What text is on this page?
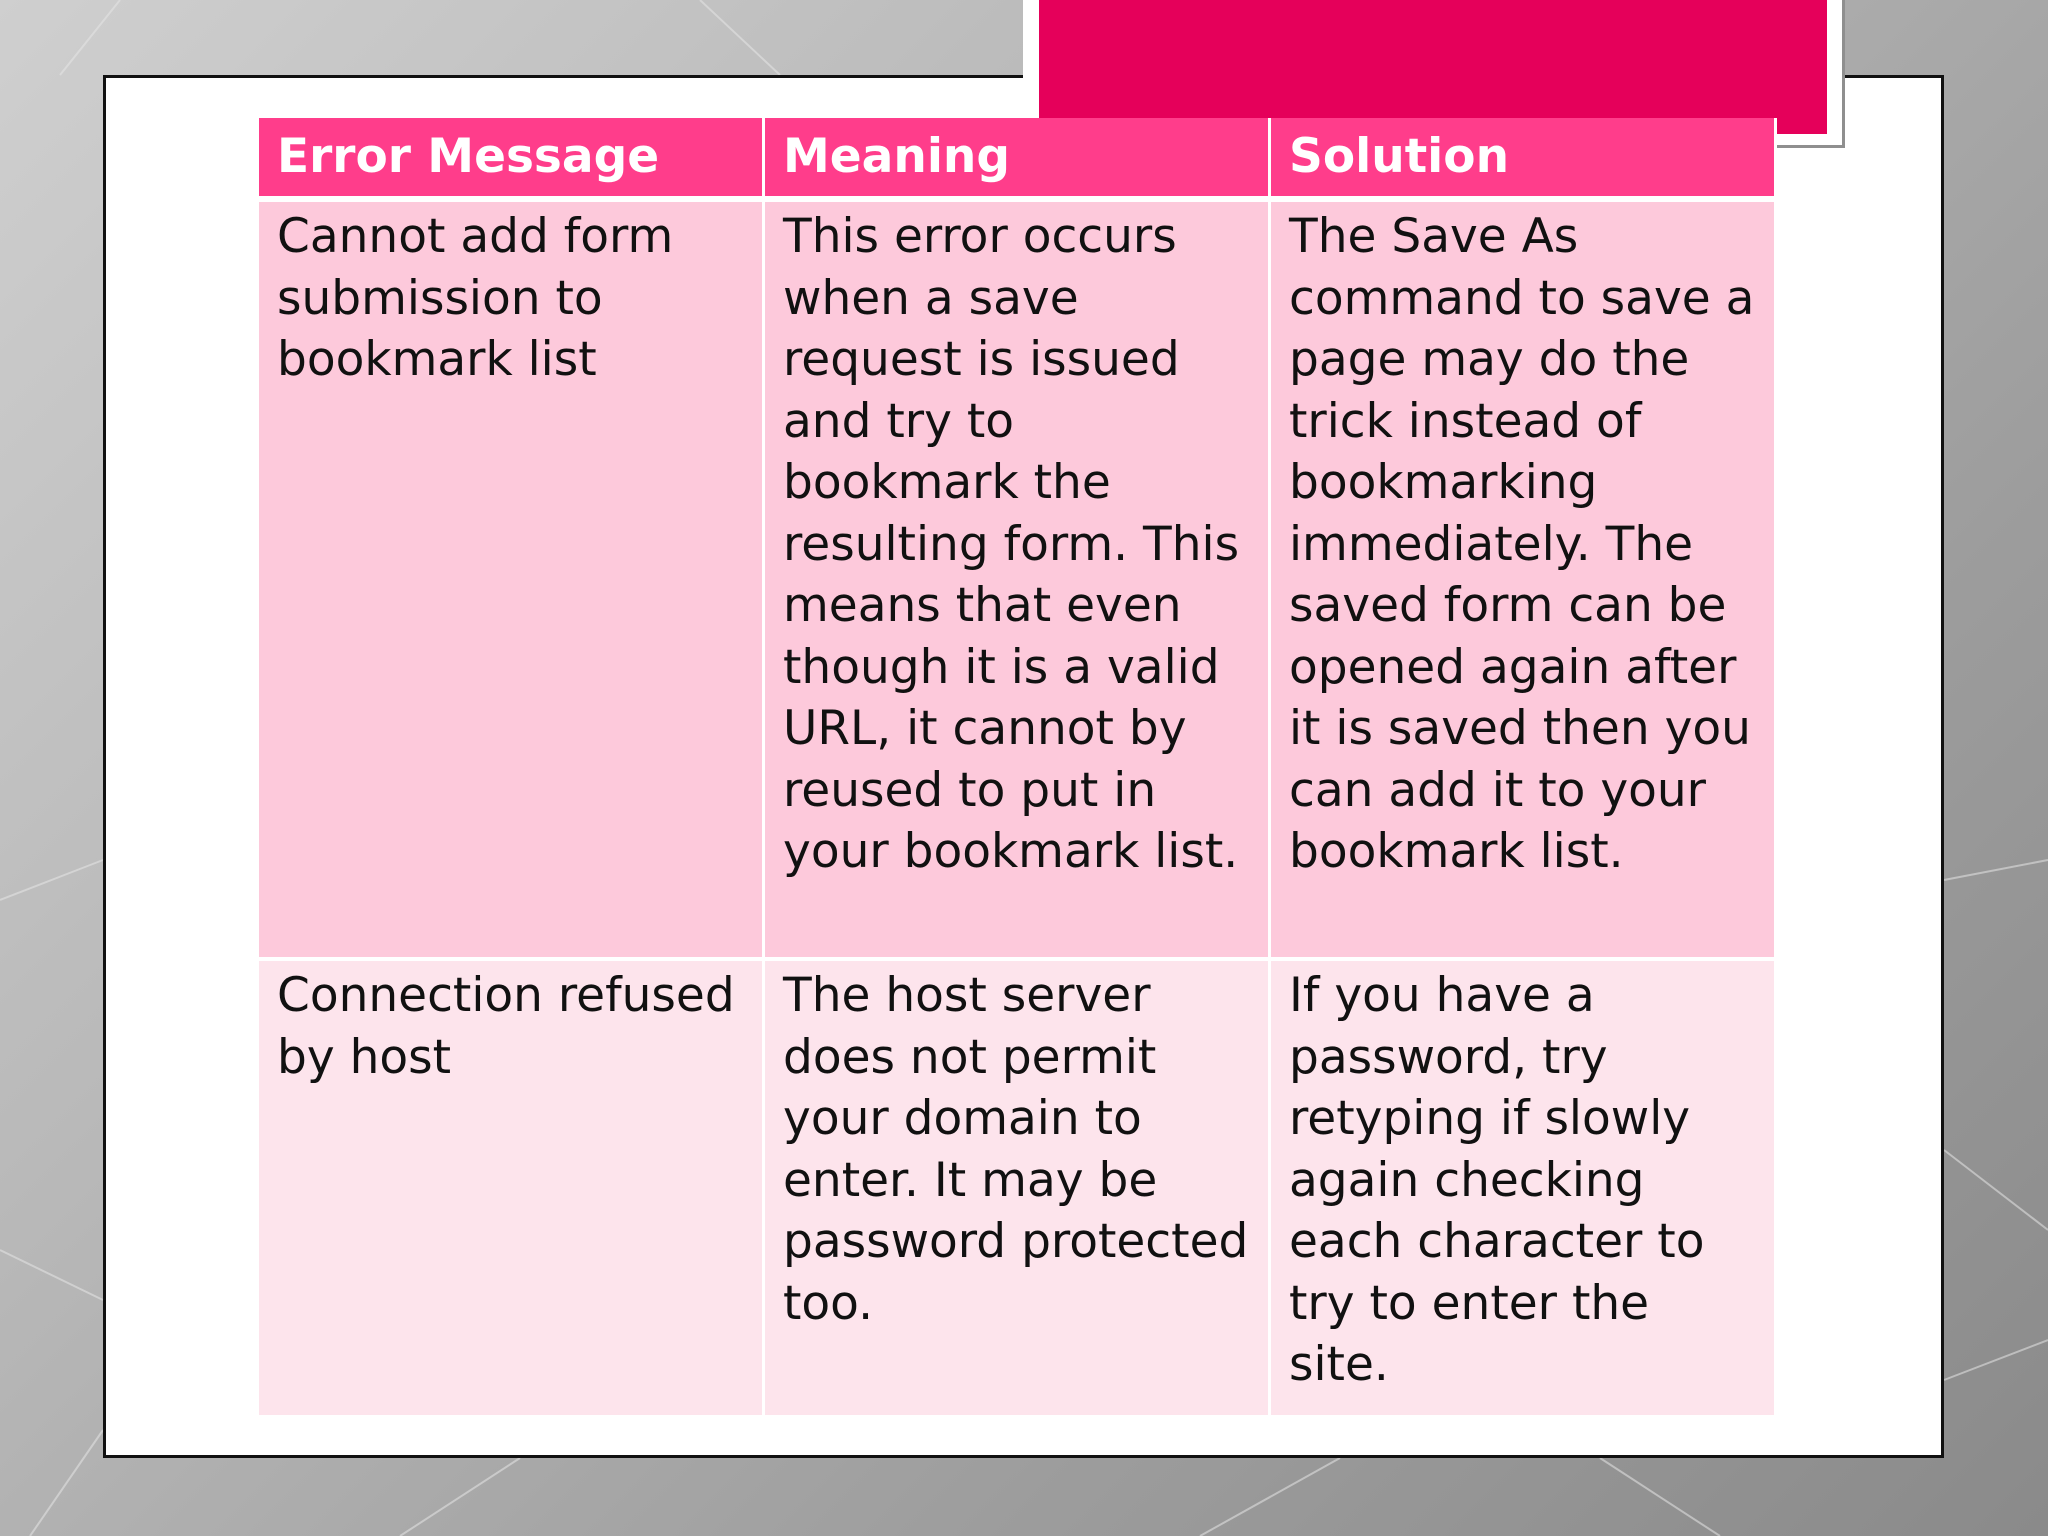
Error Message	Meaning	Solution
Cannot add form submission to bookmark list	This error occurs when a save request is issued and try to bookmark the resulting form. This means that even though it is a valid URL, it cannot by reused to put in your bookmark list.	The Save As command to save a page may do the trick instead of bookmarking immediately. The saved form can be opened again after it is saved then you can add it to your bookmark list.
Connection refused by host	The host server does not permit your domain to enter. It may be password protected too.	If you have a password, try retyping if slowly again checking each character to try to enter the site.
